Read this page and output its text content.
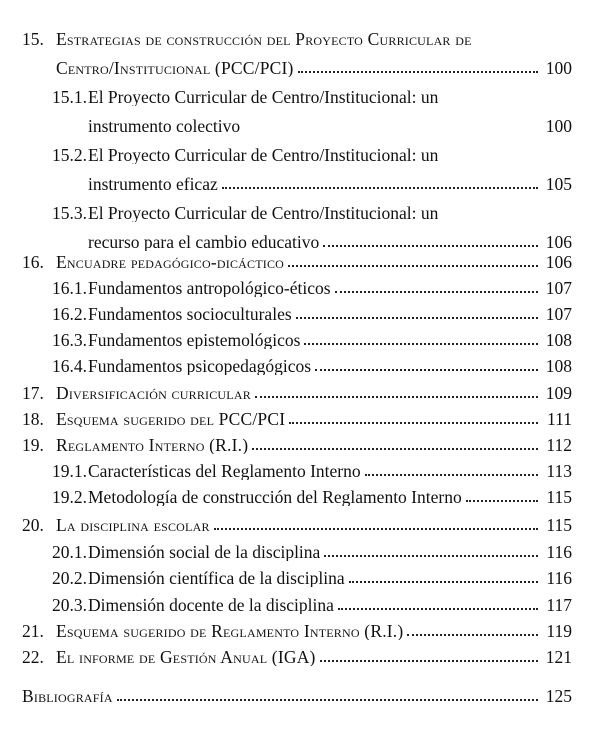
15. Estrategias de construcción del Proyecto Curricular de
Centro/Institucional (PCC/PCI)	100
15.1. El Proyecto Curricular de Centro/Institucional: un
instrumento colectivo	100
15.2. El Proyecto Curricular de Centro/Institucional: un
instrumento eficaz	105
15.3. El Proyecto Curricular de Centro/Institucional: un
recurso para el cambio educativo	106
16. Encuadre pedagógico-dicáctico	106
16.1. Fundamentos antropológico-éticos	107
16.2. Fundamentos socioculturales	107
16.3. Fundamentos epistemológicos	108
16.4. Fundamentos psicopedagógicos	108
17. Diversificación curricular	109
18. Esquema sugerido del PCC/PCI	111
19. Reglamento Interno (R.I.)	112
19.1. Características del Reglamento Interno	113
19.2. Metodología de construcción del Reglamento Interno	115
20. La disciplina escolar	115
20.1. Dimensión social de la disciplina	116
20.2. Dimensión científica de la disciplina	116
20.3. Dimensión docente de la disciplina	117
21. Esquema sugerido de Reglamento Interno (R.I.)	119
22. El informe de Gestión Anual (IGA)	121
Bibliografía	125
